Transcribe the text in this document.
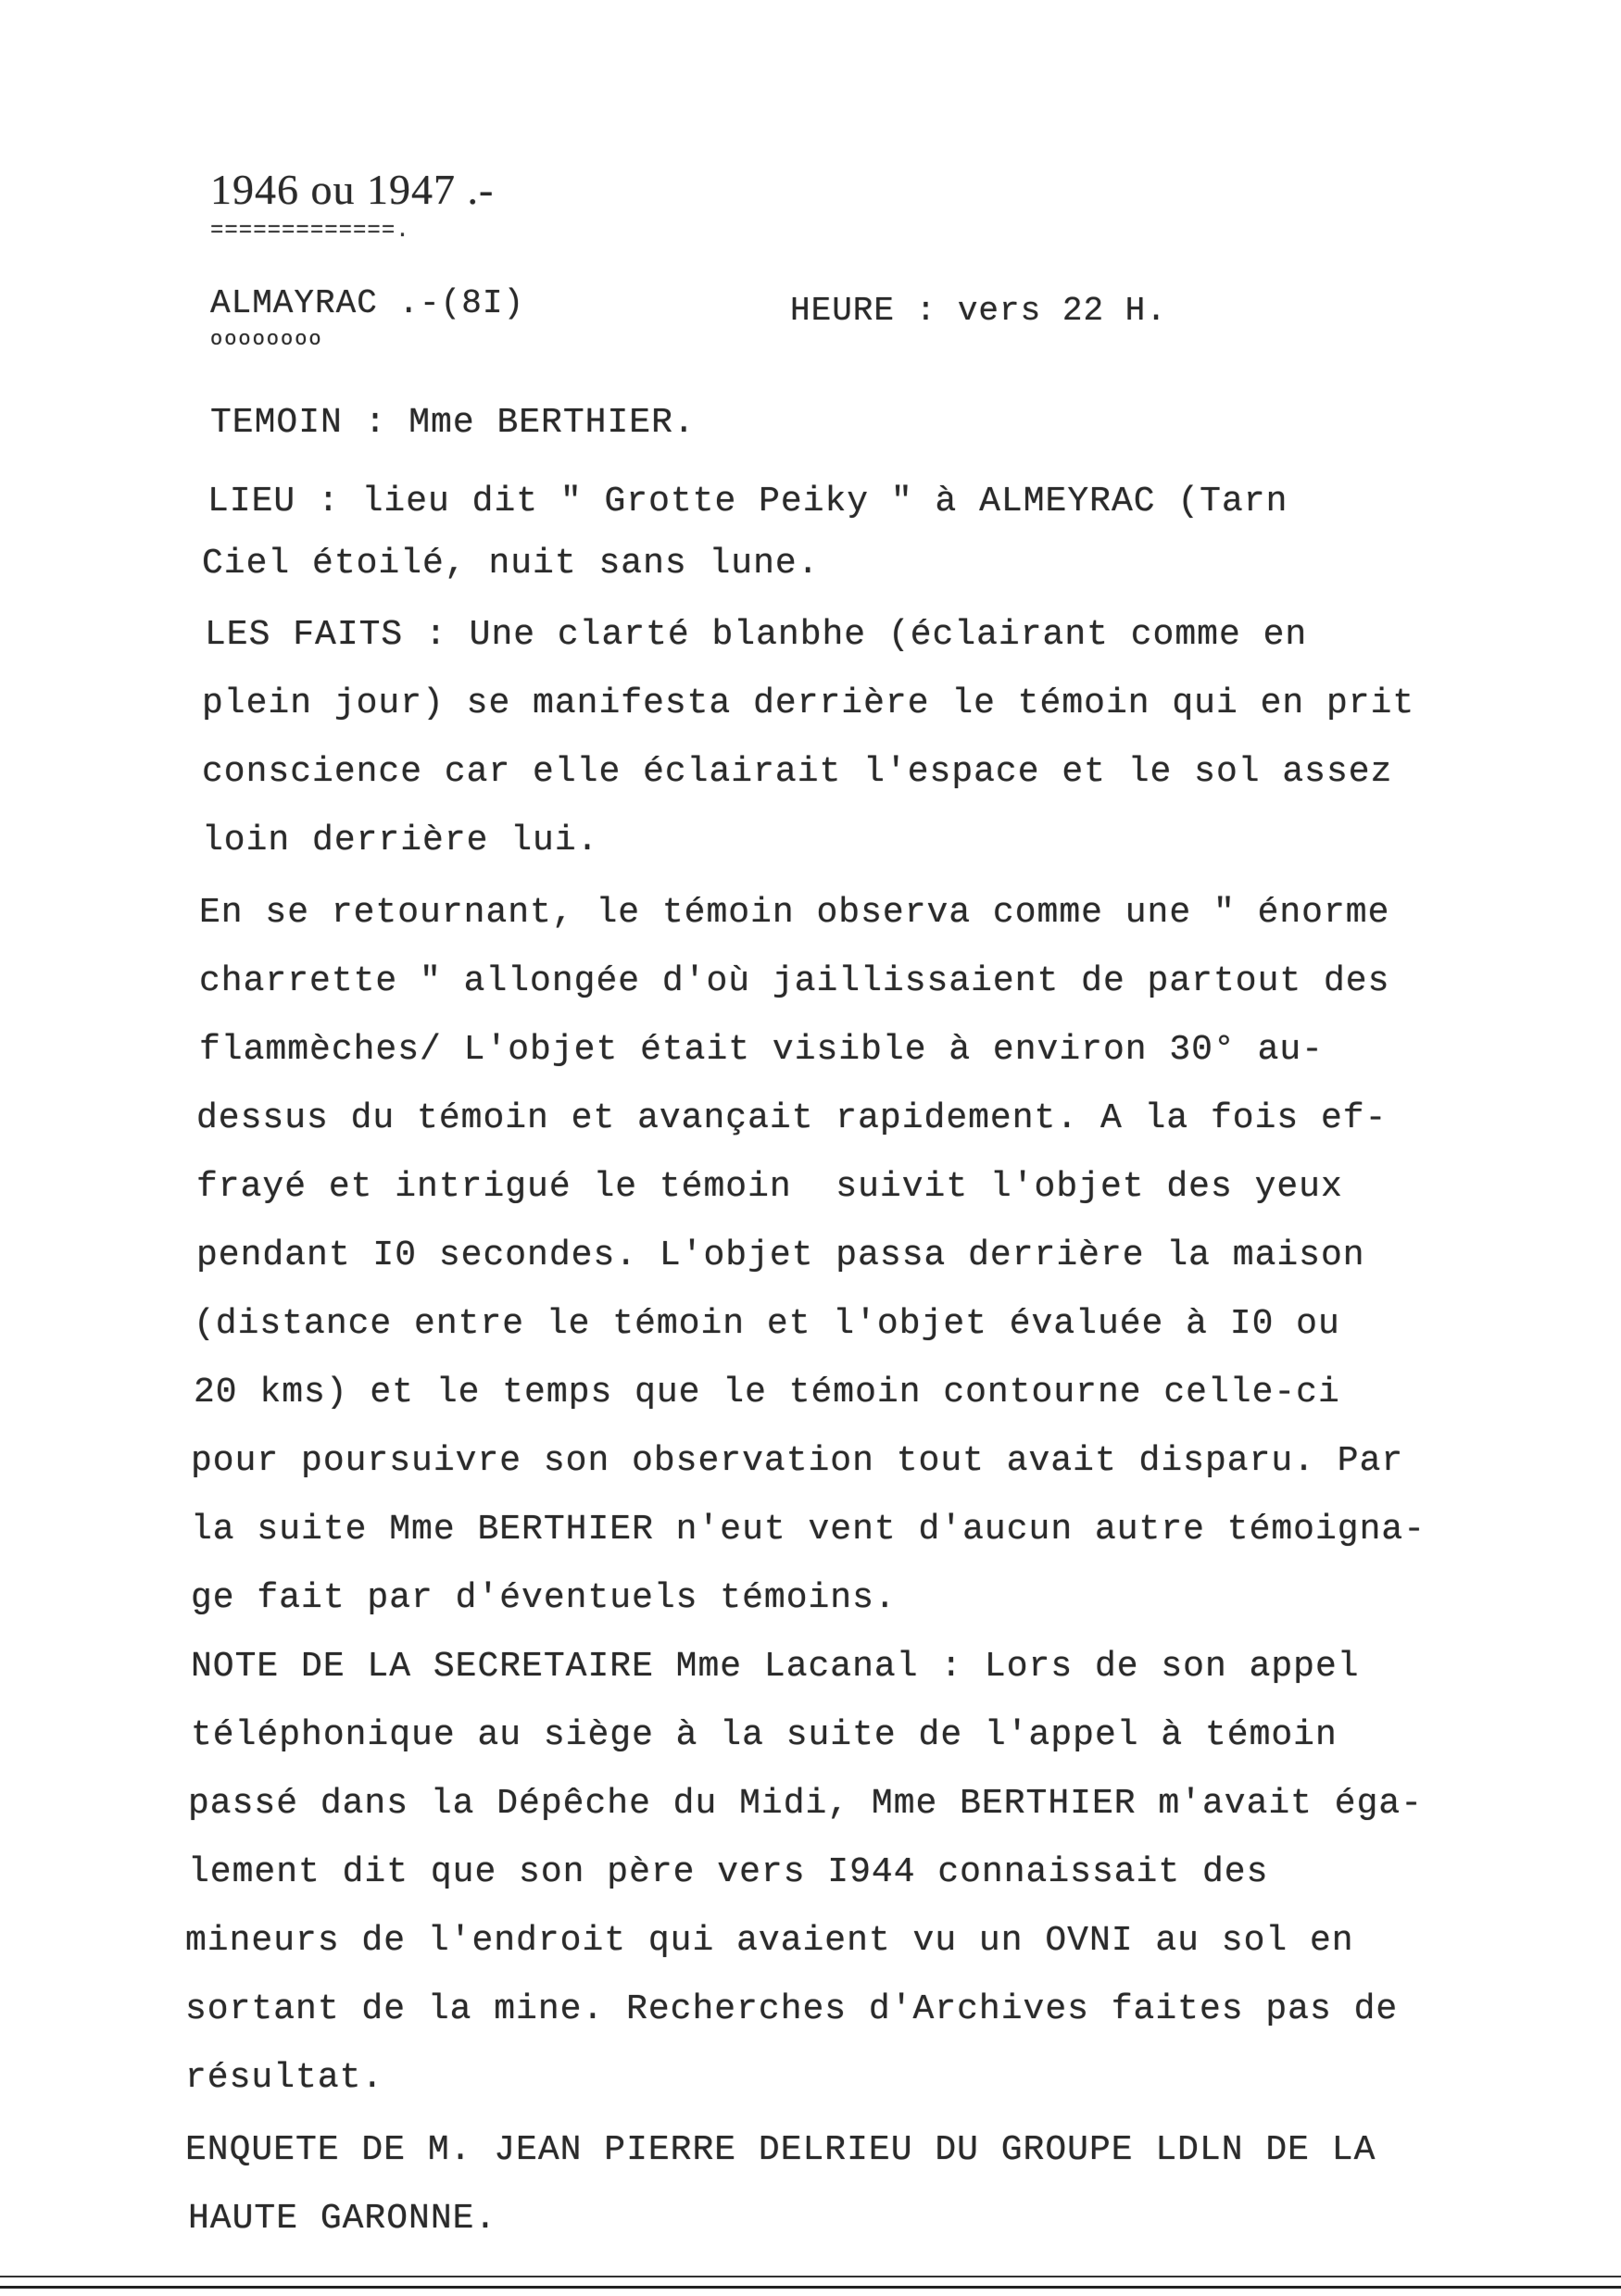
1946 ou 1947 .-
=============.
ALMAYRAC .-(8I)
oooooooo
HEURE : vers 22 H.
TEMOIN : Mme BERTHIER.
LIEU : lieu dit " Grotte Peiky " à ALMEYRAC (Tarn
Ciel étoilé, nuit sans lune.
LES FAITS : Une clarté blanbhe (éclairant comme en
plein jour) se manifesta derrière le témoin qui en prit
conscience car elle éclairait l'espace et le sol assez
loin derrière lui.
En se retournant, le témoin observa comme une " énorme
charrette " allongée d'où jaillissaient de partout des
flammèches/ L'objet était visible à environ 30° au-
dessus du témoin et avançait rapidement. A la fois ef-
frayé et intrigué le témoin  suivit l'objet des yeux
pendant I0 secondes. L'objet passa derrière la maison
(distance entre le témoin et l'objet évaluée à I0 ou
20 kms) et le temps que le témoin contourne celle-ci
pour poursuivre son observation tout avait disparu. Par
la suite Mme BERTHIER n'eut vent d'aucun autre témoigna-
ge fait par d'éventuels témoins.
NOTE DE LA SECRETAIRE Mme Lacanal : Lors de son appel
téléphonique au siège à la suite de l'appel à témoin
passé dans la Dépêche du Midi, Mme BERTHIER m'avait éga-
lement dit que son père vers I944 connaissait des
mineurs de l'endroit qui avaient vu un OVNI au sol en
sortant de la mine. Recherches d'Archives faites pas de
résultat.
ENQUETE DE M. JEAN PIERRE DELRIEU DU GROUPE LDLN DE LA
HAUTE GARONNE.
